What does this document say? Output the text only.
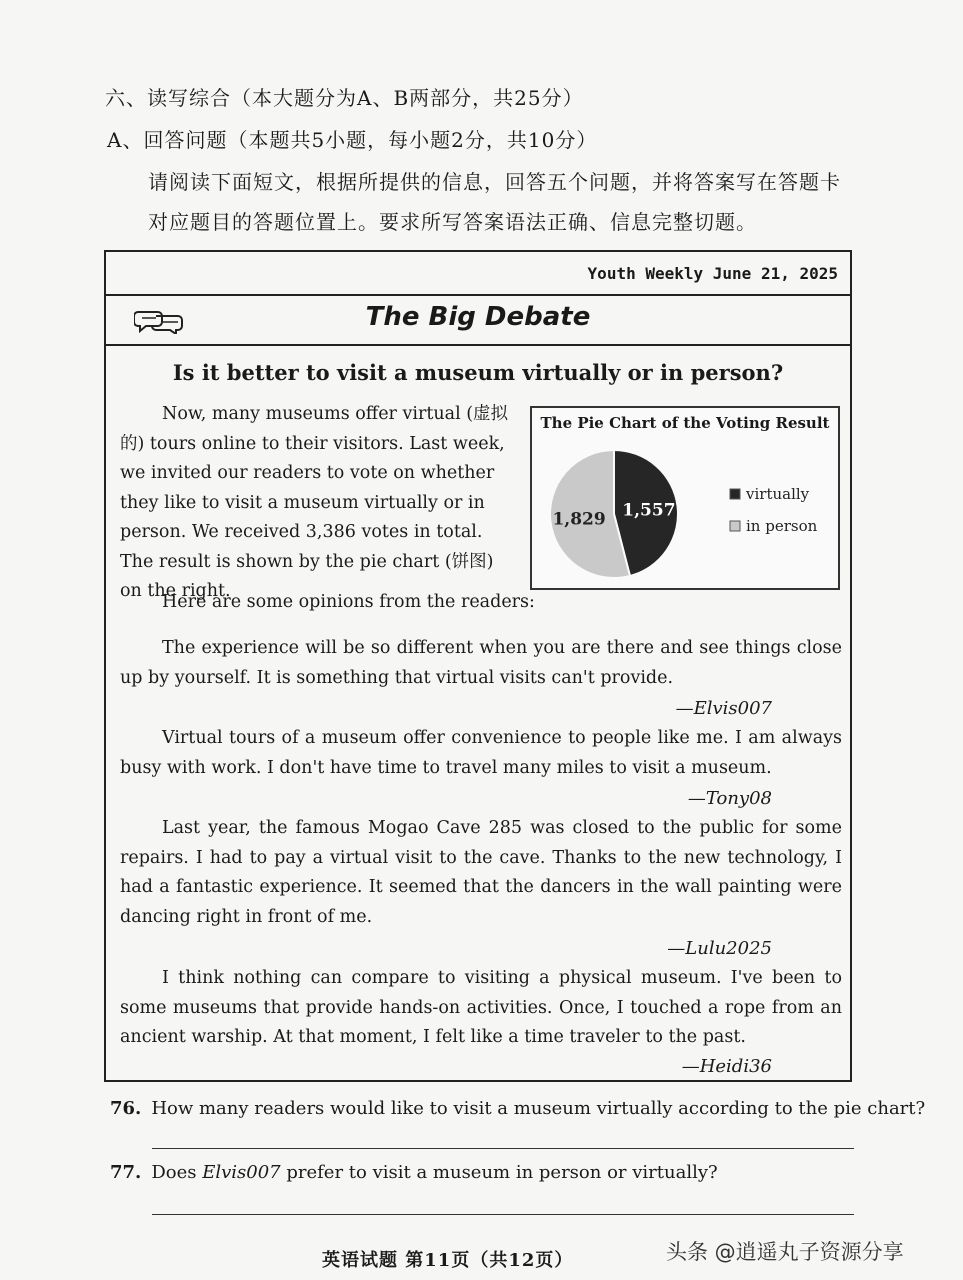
六、读写综合（本大题分为A、B两部分，共25分）
A、回答问题（本题共5小题，每小题2分，共10分）
请阅读下面短文，根据所提供的信息，回答五个问题，并将答案写在答题卡
对应题目的答题位置上。要求所写答案语法正确、信息完整切题。
Youth Weekly June 21, 2025
The Big Debate
Is it better to visit a museum virtually or in person?

Now, many museums offer virtual (虚拟的) tours online to their visitors. Last week, we invited our readers to vote on whether they like to visit a museum virtually or in person. We received 3,386 votes in total. The result is shown by the pie chart (饼图) on the right.

The Pie Chart of the Voting Result
1,557
1,829
virtually
in person
Here are some opinions from the readers:

The experience will be so different when you are there and see things close up by yourself. It is something that virtual visits can't provide.

—Elvis007

Virtual tours of a museum offer convenience to people like me. I am always busy with work. I don't have time to travel many miles to visit a museum.

—Tony08

Last year, the famous Mogao Cave 285 was closed to the public for some repairs. I had to pay a virtual visit to the cave. Thanks to the new technology, I had a fantastic experience. It seemed that the dancers in the wall painting were dancing right in front of me.

—Lulu2025

I think nothing can compare to visiting a physical museum. I've been to some museums that provide hands-on activities. Once, I touched a rope from an ancient warship. At that moment, I felt like a time traveler to the past.

—Heidi36
76. How many readers would like to visit a museum virtually according to the pie chart?
77. Does Elvis007 prefer to visit a museum in person or virtually?
英语试题 第11页（共12页）	头条 @逍遥丸子资源分享
